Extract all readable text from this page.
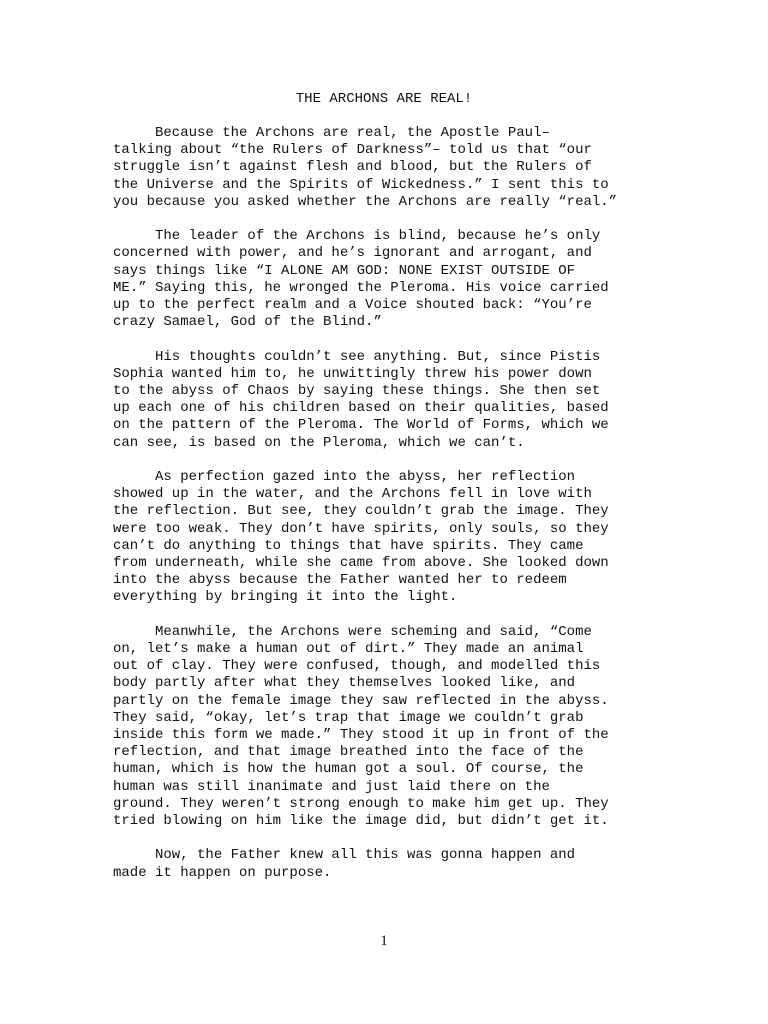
THE ARCHONS ARE REAL!

Because the Archons are real, the Apostle Paul–
talking about “the Rulers of Darkness”– told us that “our
struggle isn’t against flesh and blood, but the Rulers of
the Universe and the Spirits of Wickedness.” I sent this to
you because you asked whether the Archons are really “real.”

The leader of the Archons is blind, because he’s only
concerned with power, and he’s ignorant and arrogant, and
says things like “I ALONE AM GOD: NONE EXIST OUTSIDE OF
ME.” Saying this, he wronged the Pleroma. His voice carried
up to the perfect realm and a Voice shouted back: “You’re
crazy Samael, God of the Blind.”

His thoughts couldn’t see anything. But, since Pistis
Sophia wanted him to, he unwittingly threw his power down
to the abyss of Chaos by saying these things. She then set
up each one of his children based on their qualities, based
on the pattern of the Pleroma. The World of Forms, which we
can see, is based on the Pleroma, which we can’t.

As perfection gazed into the abyss, her reflection
showed up in the water, and the Archons fell in love with
the reflection. But see, they couldn’t grab the image. They
were too weak. They don’t have spirits, only souls, so they
can’t do anything to things that have spirits. They came
from underneath, while she came from above. She looked down
into the abyss because the Father wanted her to redeem
everything by bringing it into the light.

Meanwhile, the Archons were scheming and said, “Come
on, let’s make a human out of dirt.” They made an animal
out of clay. They were confused, though, and modelled this
body partly after what they themselves looked like, and
partly on the female image they saw reflected in the abyss.
They said, “okay, let’s trap that image we couldn’t grab
inside this form we made.” They stood it up in front of the
reflection, and that image breathed into the face of the
human, which is how the human got a soul. Of course, the
human was still inanimate and just laid there on the
ground. They weren’t strong enough to make him get up. They
tried blowing on him like the image did, but didn’t get it.

Now, the Father knew all this was gonna happen and
made it happen on purpose.

1
